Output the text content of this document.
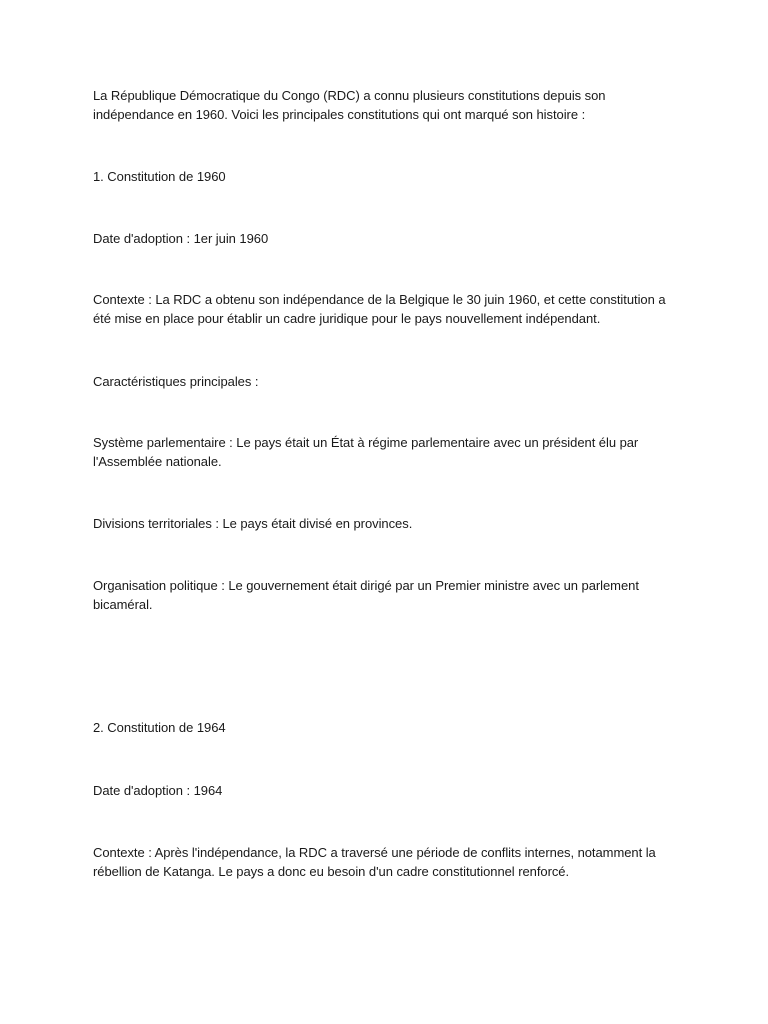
La République Démocratique du Congo (RDC) a connu plusieurs constitutions depuis son indépendance en 1960. Voici les principales constitutions qui ont marqué son histoire :

1. Constitution de 1960

Date d'adoption : 1er juin 1960

Contexte : La RDC a obtenu son indépendance de la Belgique le 30 juin 1960, et cette constitution a été mise en place pour établir un cadre juridique pour le pays nouvellement indépendant.

Caractéristiques principales :

Système parlementaire : Le pays était un État à régime parlementaire avec un président élu par l'Assemblée nationale.

Divisions territoriales : Le pays était divisé en provinces.

Organisation politique : Le gouvernement était dirigé par un Premier ministre avec un parlement bicaméral.

2. Constitution de 1964

Date d'adoption : 1964

Contexte : Après l'indépendance, la RDC a traversé une période de conflits internes, notamment la rébellion de Katanga. Le pays a donc eu besoin d'un cadre constitutionnel renforcé.
